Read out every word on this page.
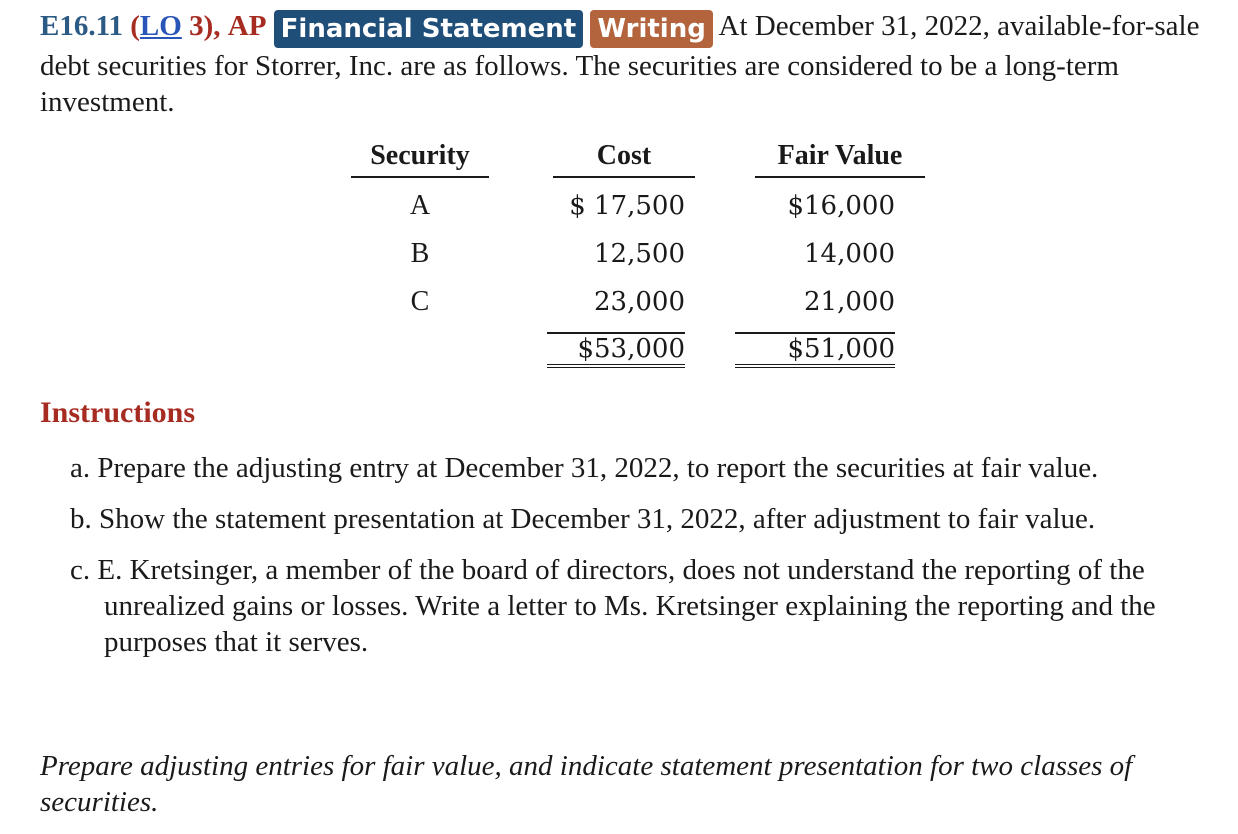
E16.11 (LO 3), AP Financial Statement Writing At December 31, 2022, available-for-sale debt securities for Storrer, Inc. are as follows. The securities are considered to be a long-term investment.
Security	Cost	Fair Value
A	$ 17,500	$16,000
B	12,500	14,000
C	23,000	21,000
	$53,000	$51,000
Instructions
a. Prepare the adjusting entry at December 31, 2022, to report the securities at fair value.
b. Show the statement presentation at December 31, 2022, after adjustment to fair value.
c. E. Kretsinger, a member of the board of directors, does not understand the reporting of the unrealized gains or losses. Write a letter to Ms. Kretsinger explaining the reporting and the purposes that it serves.
Prepare adjusting entries for fair value, and indicate statement presentation for two classes of securities.
